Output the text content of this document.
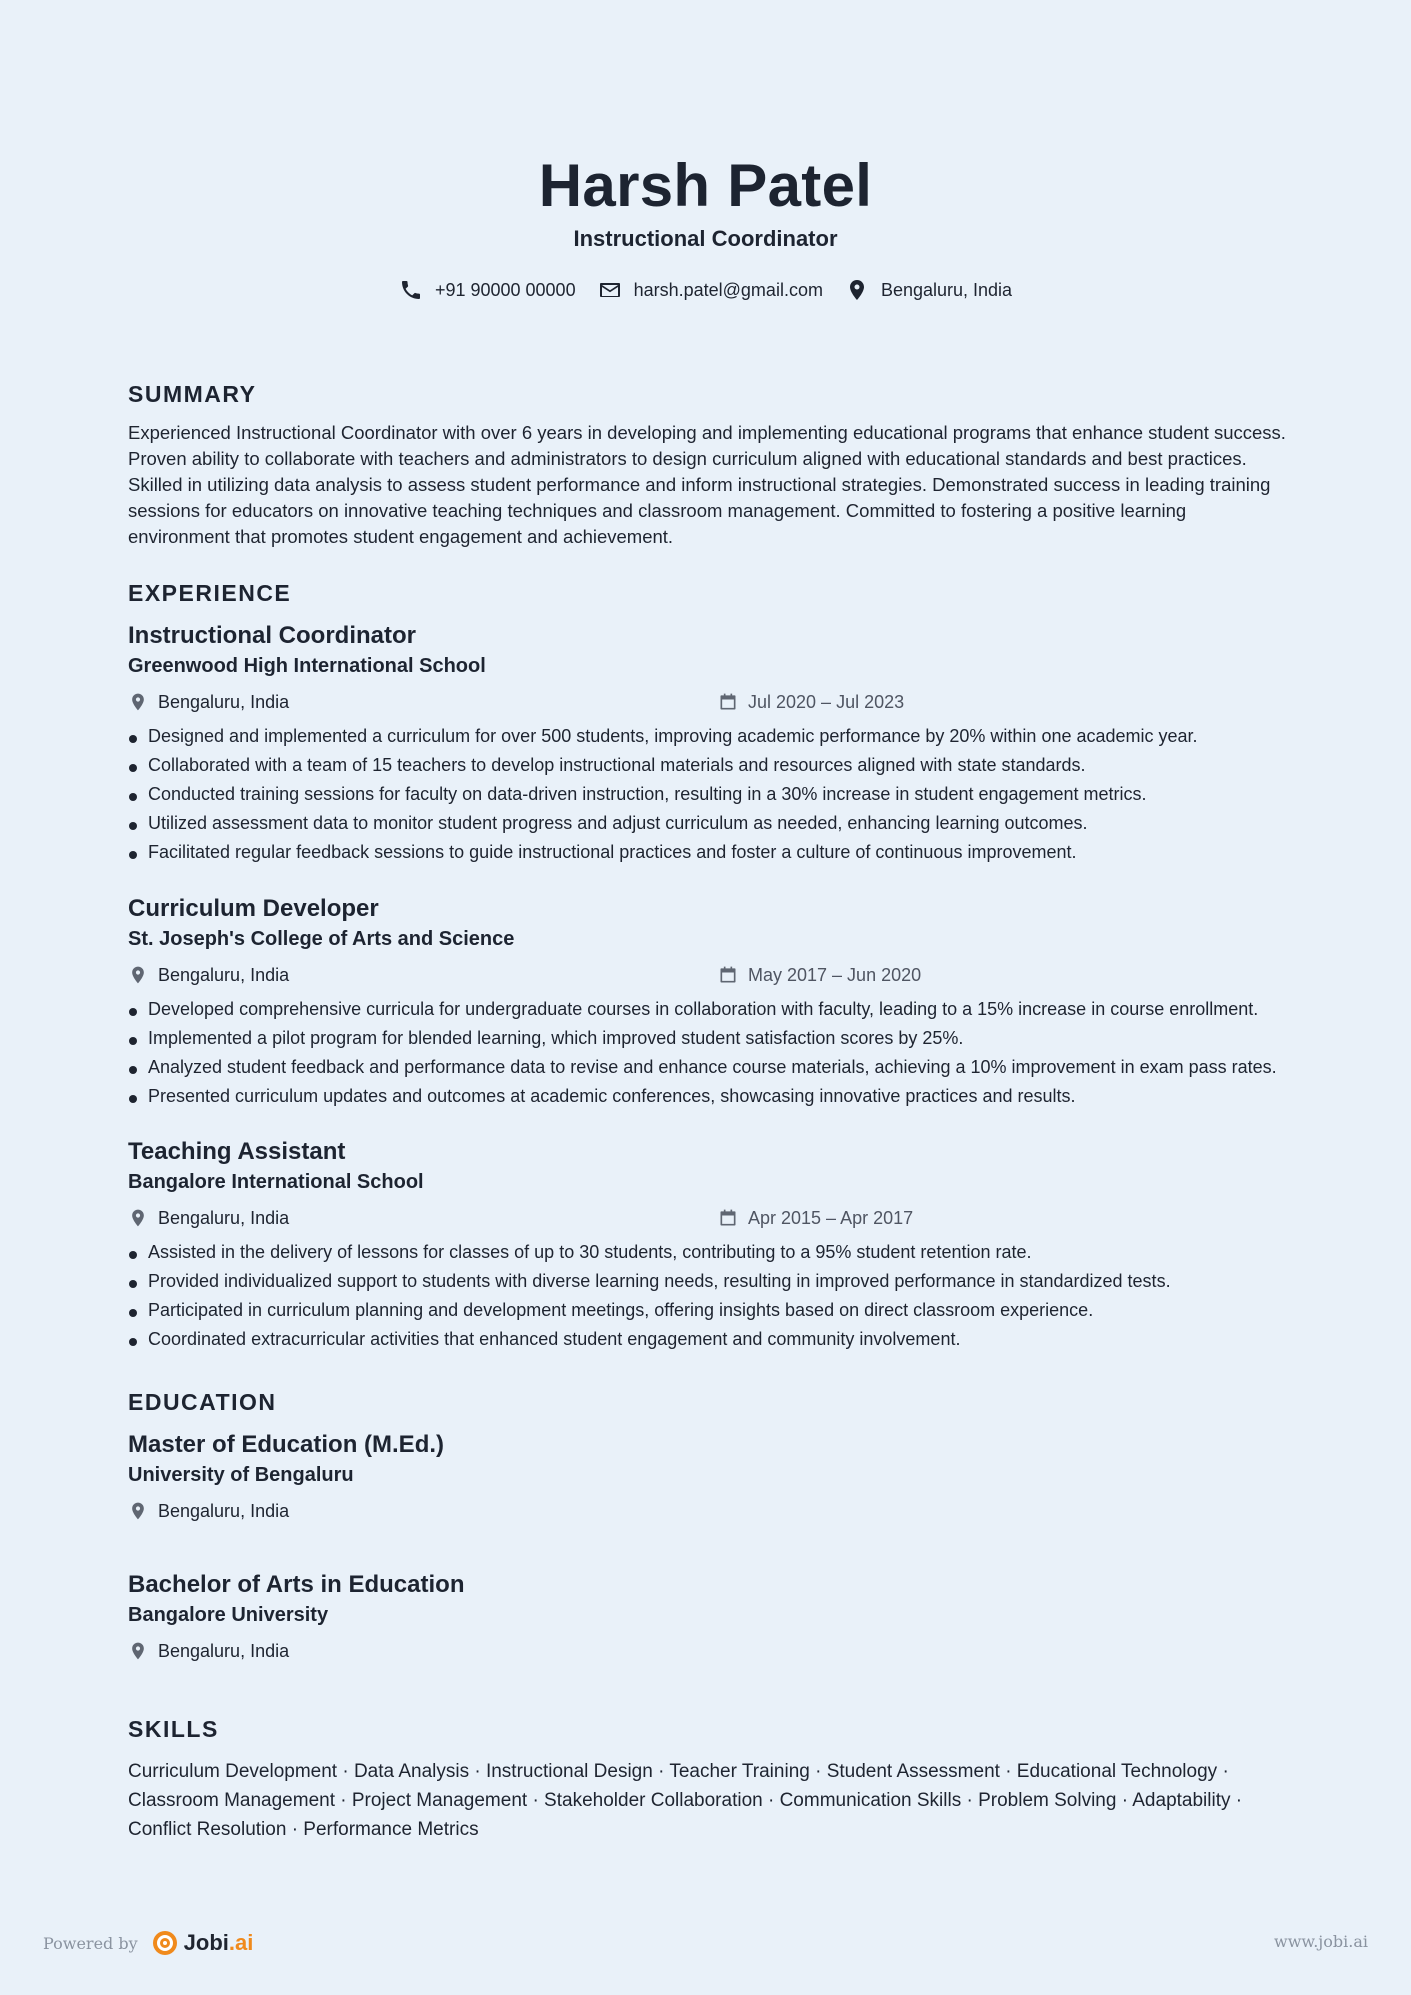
Harsh Patel
Instructional Coordinator
+91 90000 00000	harsh.patel@gmail.com	Bengaluru, India
SUMMARY
Experienced Instructional Coordinator with over 6 years in developing and implementing educational programs that enhance student success. Proven ability to collaborate with teachers and administrators to design curriculum aligned with educational standards and best practices. Skilled in utilizing data analysis to assess student performance and inform instructional strategies. Demonstrated success in leading training sessions for educators on innovative teaching techniques and classroom management. Committed to fostering a positive learning environment that promotes student engagement and achievement.
EXPERIENCE
Instructional Coordinator
Greenwood High International School
Bengaluru, India	Jul 2020 – Jul 2023
Designed and implemented a curriculum for over 500 students, improving academic performance by 20% within one academic year.
Collaborated with a team of 15 teachers to develop instructional materials and resources aligned with state standards.
Conducted training sessions for faculty on data-driven instruction, resulting in a 30% increase in student engagement metrics.
Utilized assessment data to monitor student progress and adjust curriculum as needed, enhancing learning outcomes.
Facilitated regular feedback sessions to guide instructional practices and foster a culture of continuous improvement.
Curriculum Developer
St. Joseph's College of Arts and Science
Bengaluru, India	May 2017 – Jun 2020
Developed comprehensive curricula for undergraduate courses in collaboration with faculty, leading to a 15% increase in course enrollment.
Implemented a pilot program for blended learning, which improved student satisfaction scores by 25%.
Analyzed student feedback and performance data to revise and enhance course materials, achieving a 10% improvement in exam pass rates.
Presented curriculum updates and outcomes at academic conferences, showcasing innovative practices and results.
Teaching Assistant
Bangalore International School
Bengaluru, India	Apr 2015 – Apr 2017
Assisted in the delivery of lessons for classes of up to 30 students, contributing to a 95% student retention rate.
Provided individualized support to students with diverse learning needs, resulting in improved performance in standardized tests.
Participated in curriculum planning and development meetings, offering insights based on direct classroom experience.
Coordinated extracurricular activities that enhanced student engagement and community involvement.
EDUCATION
Master of Education (M.Ed.)
University of Bengaluru
Bengaluru, India
Bachelor of Arts in Education
Bangalore University
Bengaluru, India
SKILLS
Curriculum Development · Data Analysis · Instructional Design · Teacher Training · Student Assessment · Educational Technology · Classroom Management · Project Management · Stakeholder Collaboration · Communication Skills · Problem Solving · Adaptability · Conflict Resolution · Performance Metrics
Powered by Jobi.ai	www.jobi.ai
